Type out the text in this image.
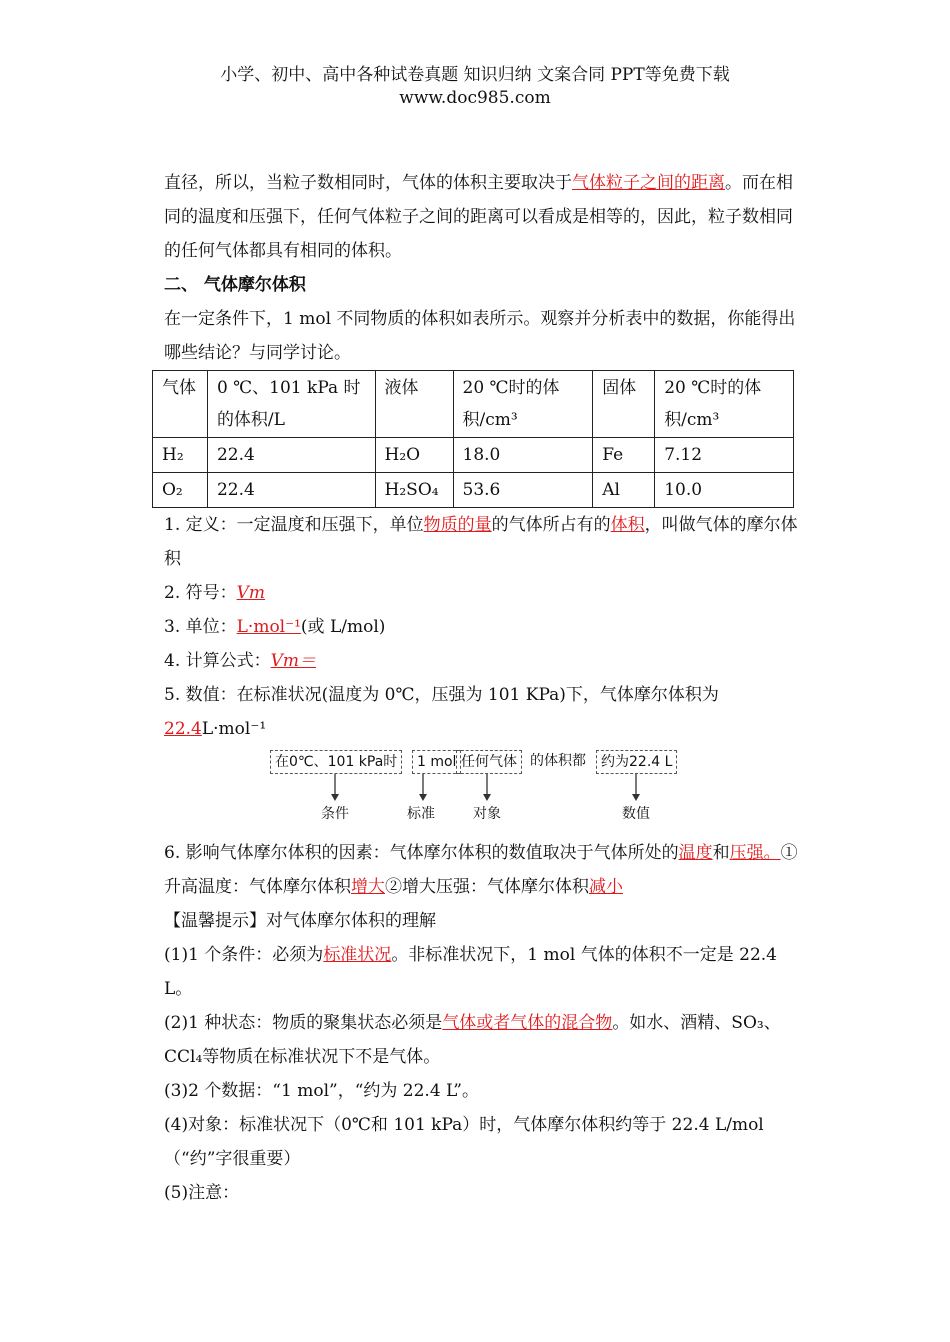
小学、初中、高中各种试卷真题 知识归纳 文案合同 PPT等免费下载
www.doc985.com

直径，所以，当粒子数相同时，气体的体积主要取决于气体粒子之间的距离。而在相同的温度和压强下，任何气体粒子之间的距离可以看成是相等的，因此，粒子数相同的任何气体都具有相同的体积。

二、 气体摩尔体积

在一定条件下，1 mol 不同物质的体积如表所示。观察并分析表中的数据，你能得出哪些结论？与同学讨论。

气体	0 ℃、101 kPa 时的体积/L	液体	20 ℃时的体积/cm³	固体	20 ℃时的体积/cm³
H₂	22.4	H₂O	18.0	Fe	7.12
O₂	22.4	H₂SO₄	53.6	Al	10.0

1. 定义：一定温度和压强下，单位物质的量的气体所占有的体积，叫做气体的摩尔体积

2. 符号：Vm

3. 单位：L·mol⁻¹(或 L/mol)

4. 计算公式：Vm＝

5. 数值：在标准状况(温度为 0℃，压强为 101 KPa)下，气体摩尔体积为22.4L·mol⁻¹

在0℃、101 kPa时	1 mol 任何气体 的体积都	约为22.4 L
条件	标准	对象	数值

6. 影响气体摩尔体积的因素：气体摩尔体积的数值取决于气体所处的温度和压强。①升高温度：气体摩尔体积增大②增大压强：气体摩尔体积减小

【温馨提示】对气体摩尔体积的理解

(1)1 个条件：必须为标准状况。非标准状况下，1 mol 气体的体积不一定是 22.4 L。

(2)1 种状态：物质的聚集状态必须是气体或者气体的混合物。如水、酒精、SO₃、CCl₄等物质在标准状况下不是气体。

(3)2 个数据：“1 mol”，“约为 22.4 L”。

(4)对象：标准状况下（0℃和 101 kPa）时，气体摩尔体积约等于 22.4 L/mol（“约”字很重要）

(5)注意：
